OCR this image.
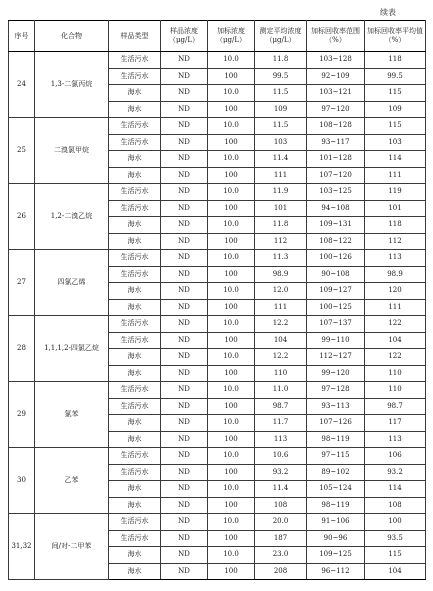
续表
序号	化合物	样品类型	样品浓度（μg/L）	加标浓度（μg/L）	测定平均浓度（μg/L）	加标回收率范围（%）	加标回收率平均值（%）
24	1,3-二氯丙烷	生活污水	ND	10.0	11.8	103~128	118
		生活污水	ND	100	99.5	92~109	99.5
		海水	ND	10.0	11.5	103~121	115
		海水	ND	100	109	97~120	109
25	二溴氯甲烷	生活污水	ND	10.0	11.5	108~128	115
		生活污水	ND	100	103	93~117	103
		海水	ND	10.0	11.4	101~128	114
		海水	ND	100	111	107~120	111
26	1,2-二溴乙烷	生活污水	ND	10.0	11.9	103~125	119
		生活污水	ND	100	101	94~108	101
		海水	ND	10.0	11.8	109~131	118
		海水	ND	100	112	108~122	112
27	四氯乙烯	生活污水	ND	10.0	11.3	100~126	113
		生活污水	ND	100	98.9	90~108	98.9
		海水	ND	10.0	12.0	109~127	120
		海水	ND	100	111	100~125	111
28	1,1,1,2-四氯乙烷	生活污水	ND	10.0	12.2	107~137	122
		生活污水	ND	100	104	99~110	104
		海水	ND	10.0	12.2	112~127	122
		海水	ND	100	110	99~120	110
29	氯苯	生活污水	ND	10.0	11.0	97~128	110
		生活污水	ND	100	98.7	93~113	98.7
		海水	ND	10.0	11.7	107~126	117
		海水	ND	100	113	98~119	113
30	乙苯	生活污水	ND	10.0	10.6	97~115	106
		生活污水	ND	100	93.2	89~102	93.2
		海水	ND	10.0	11.4	105~124	114
		海水	ND	100	108	98~119	108
31,32	间/对-二甲苯	生活污水	ND	10.0	20.0	91~106	100
		生活污水	ND	100	187	90~96	93.5
		海水	ND	10.0	23.0	109~125	115
		海水	ND	100	208	96~112	104
